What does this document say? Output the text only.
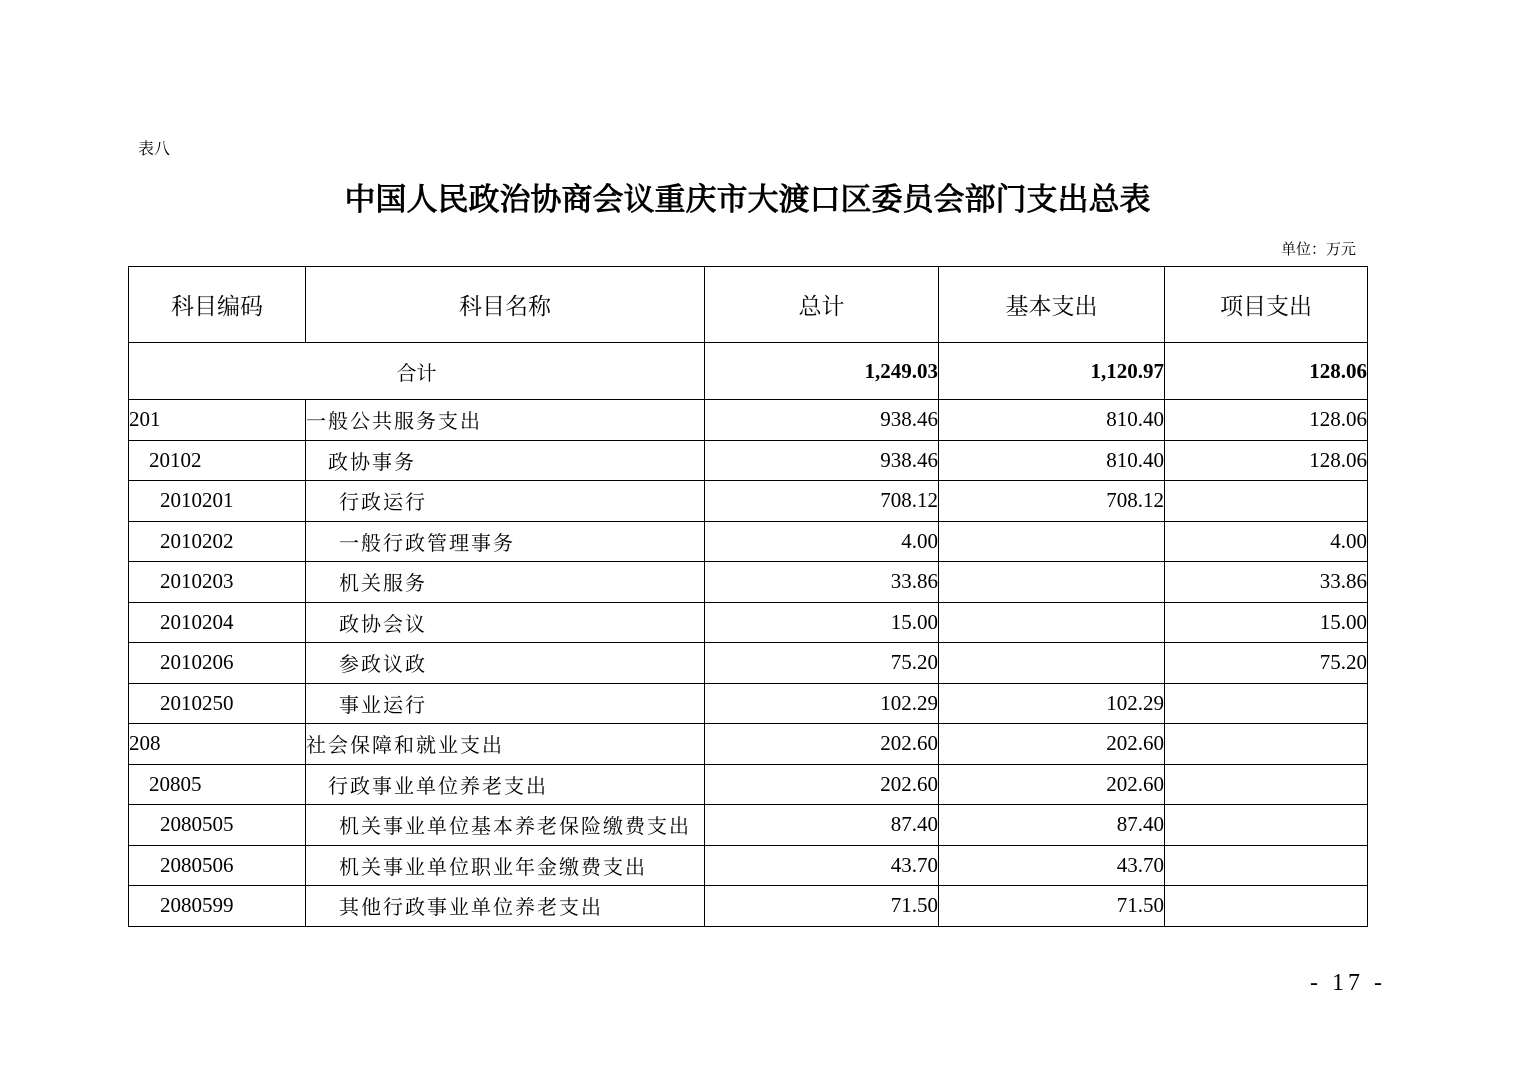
表八
中国人民政治协商会议重庆市大渡口区委员会部门支出总表
单位：万元
科目编码	科目名称	总计	基本支出	项目支出
合计		1,249.03	1,120.97	128.06
201	一般公共服务支出	938.46	810.40	128.06
20102	政协事务	938.46	810.40	128.06
2010201	行政运行	708.12	708.12	
2010202	一般行政管理事务	4.00		4.00
2010203	机关服务	33.86		33.86
2010204	政协会议	15.00		15.00
2010206	参政议政	75.20		75.20
2010250	事业运行	102.29	102.29	
208	社会保障和就业支出	202.60	202.60	
20805	行政事业单位养老支出	202.60	202.60	
2080505	机关事业单位基本养老保险缴费支出	87.40	87.40	
2080506	机关事业单位职业年金缴费支出	43.70	43.70	
2080599	其他行政事业单位养老支出	71.50	71.50	
- 17 -
